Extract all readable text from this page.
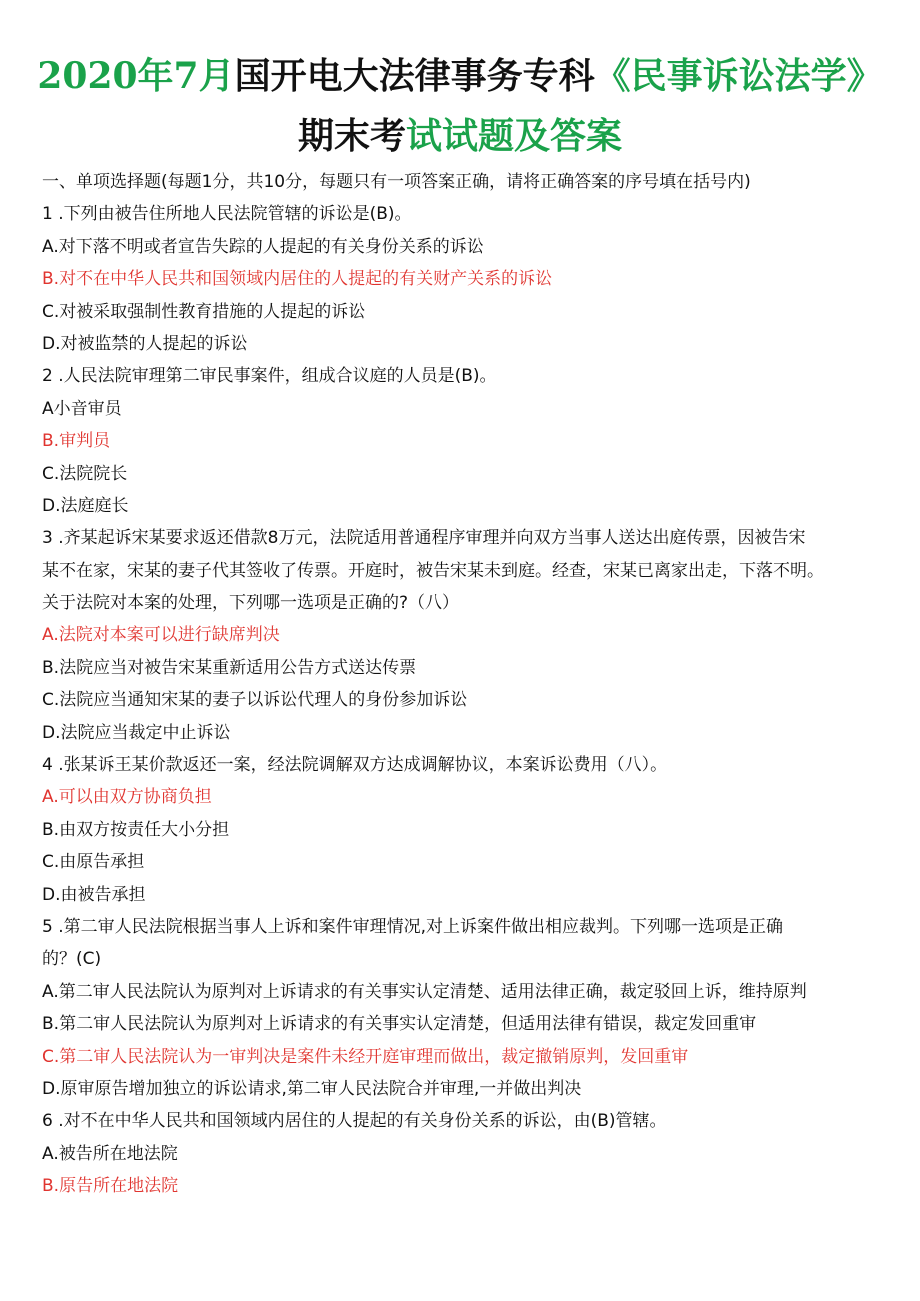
2020年7月国开电大法律事务专科《民事诉讼法学》
期末考试试题及答案
一、单项选择题(每题1分，共10分，每题只有一项答案正确，请将正确答案的序号填在括号内)
1 .下列由被告住所地人民法院管辖的诉讼是(B)。
A.对下落不明或者宣告失踪的人提起的有关身份关系的诉讼
B.对不在中华人民共和国领域内居住的人提起的有关财产关系的诉讼
C.对被采取强制性教育措施的人提起的诉讼
D.对被监禁的人提起的诉讼
2 .人民法院审理第二审民事案件，组成合议庭的人员是(B)。
A小音审员
B.审判员
C.法院院长
D.法庭庭长
3 .齐某起诉宋某要求返还借款8万元，法院适用普通程序审理并向双方当事人送达出庭传票，因被告宋
某不在家，宋某的妻子代其签收了传票。开庭时，被告宋某未到庭。经查，宋某已离家出走，下落不明。
关于法院对本案的处理，下列哪一选项是正确的?（八）
A.法院对本案可以进行缺席判决
B.法院应当对被告宋某重新适用公告方式送达传票
C.法院应当通知宋某的妻子以诉讼代理人的身份参加诉讼
D.法院应当裁定中止诉讼
4 .张某诉王某价款返还一案，经法院调解双方达成调解协议，本案诉讼费用（八）。
A.可以由双方协商负担
B.由双方按责任大小分担
C.由原告承担
D.由被告承担
5 .第二审人民法院根据当事人上诉和案件审理情况,对上诉案件做出相应裁判。下列哪一选项是正确
的？(C)
A.第二审人民法院认为原判对上诉请求的有关事实认定清楚、适用法律正确，裁定驳回上诉，维持原判
B.第二审人民法院认为原判对上诉请求的有关事实认定清楚，但适用法律有错误，裁定发回重审
C.第二审人民法院认为一审判决是案件未经开庭审理而做出，裁定撤销原判，发回重审
D.原审原告增加独立的诉讼请求,第二审人民法院合并审理,一并做出判决
6 .对不在中华人民共和国领域内居住的人提起的有关身份关系的诉讼，由(B)管辖。
A.被告所在地法院
B.原告所在地法院
